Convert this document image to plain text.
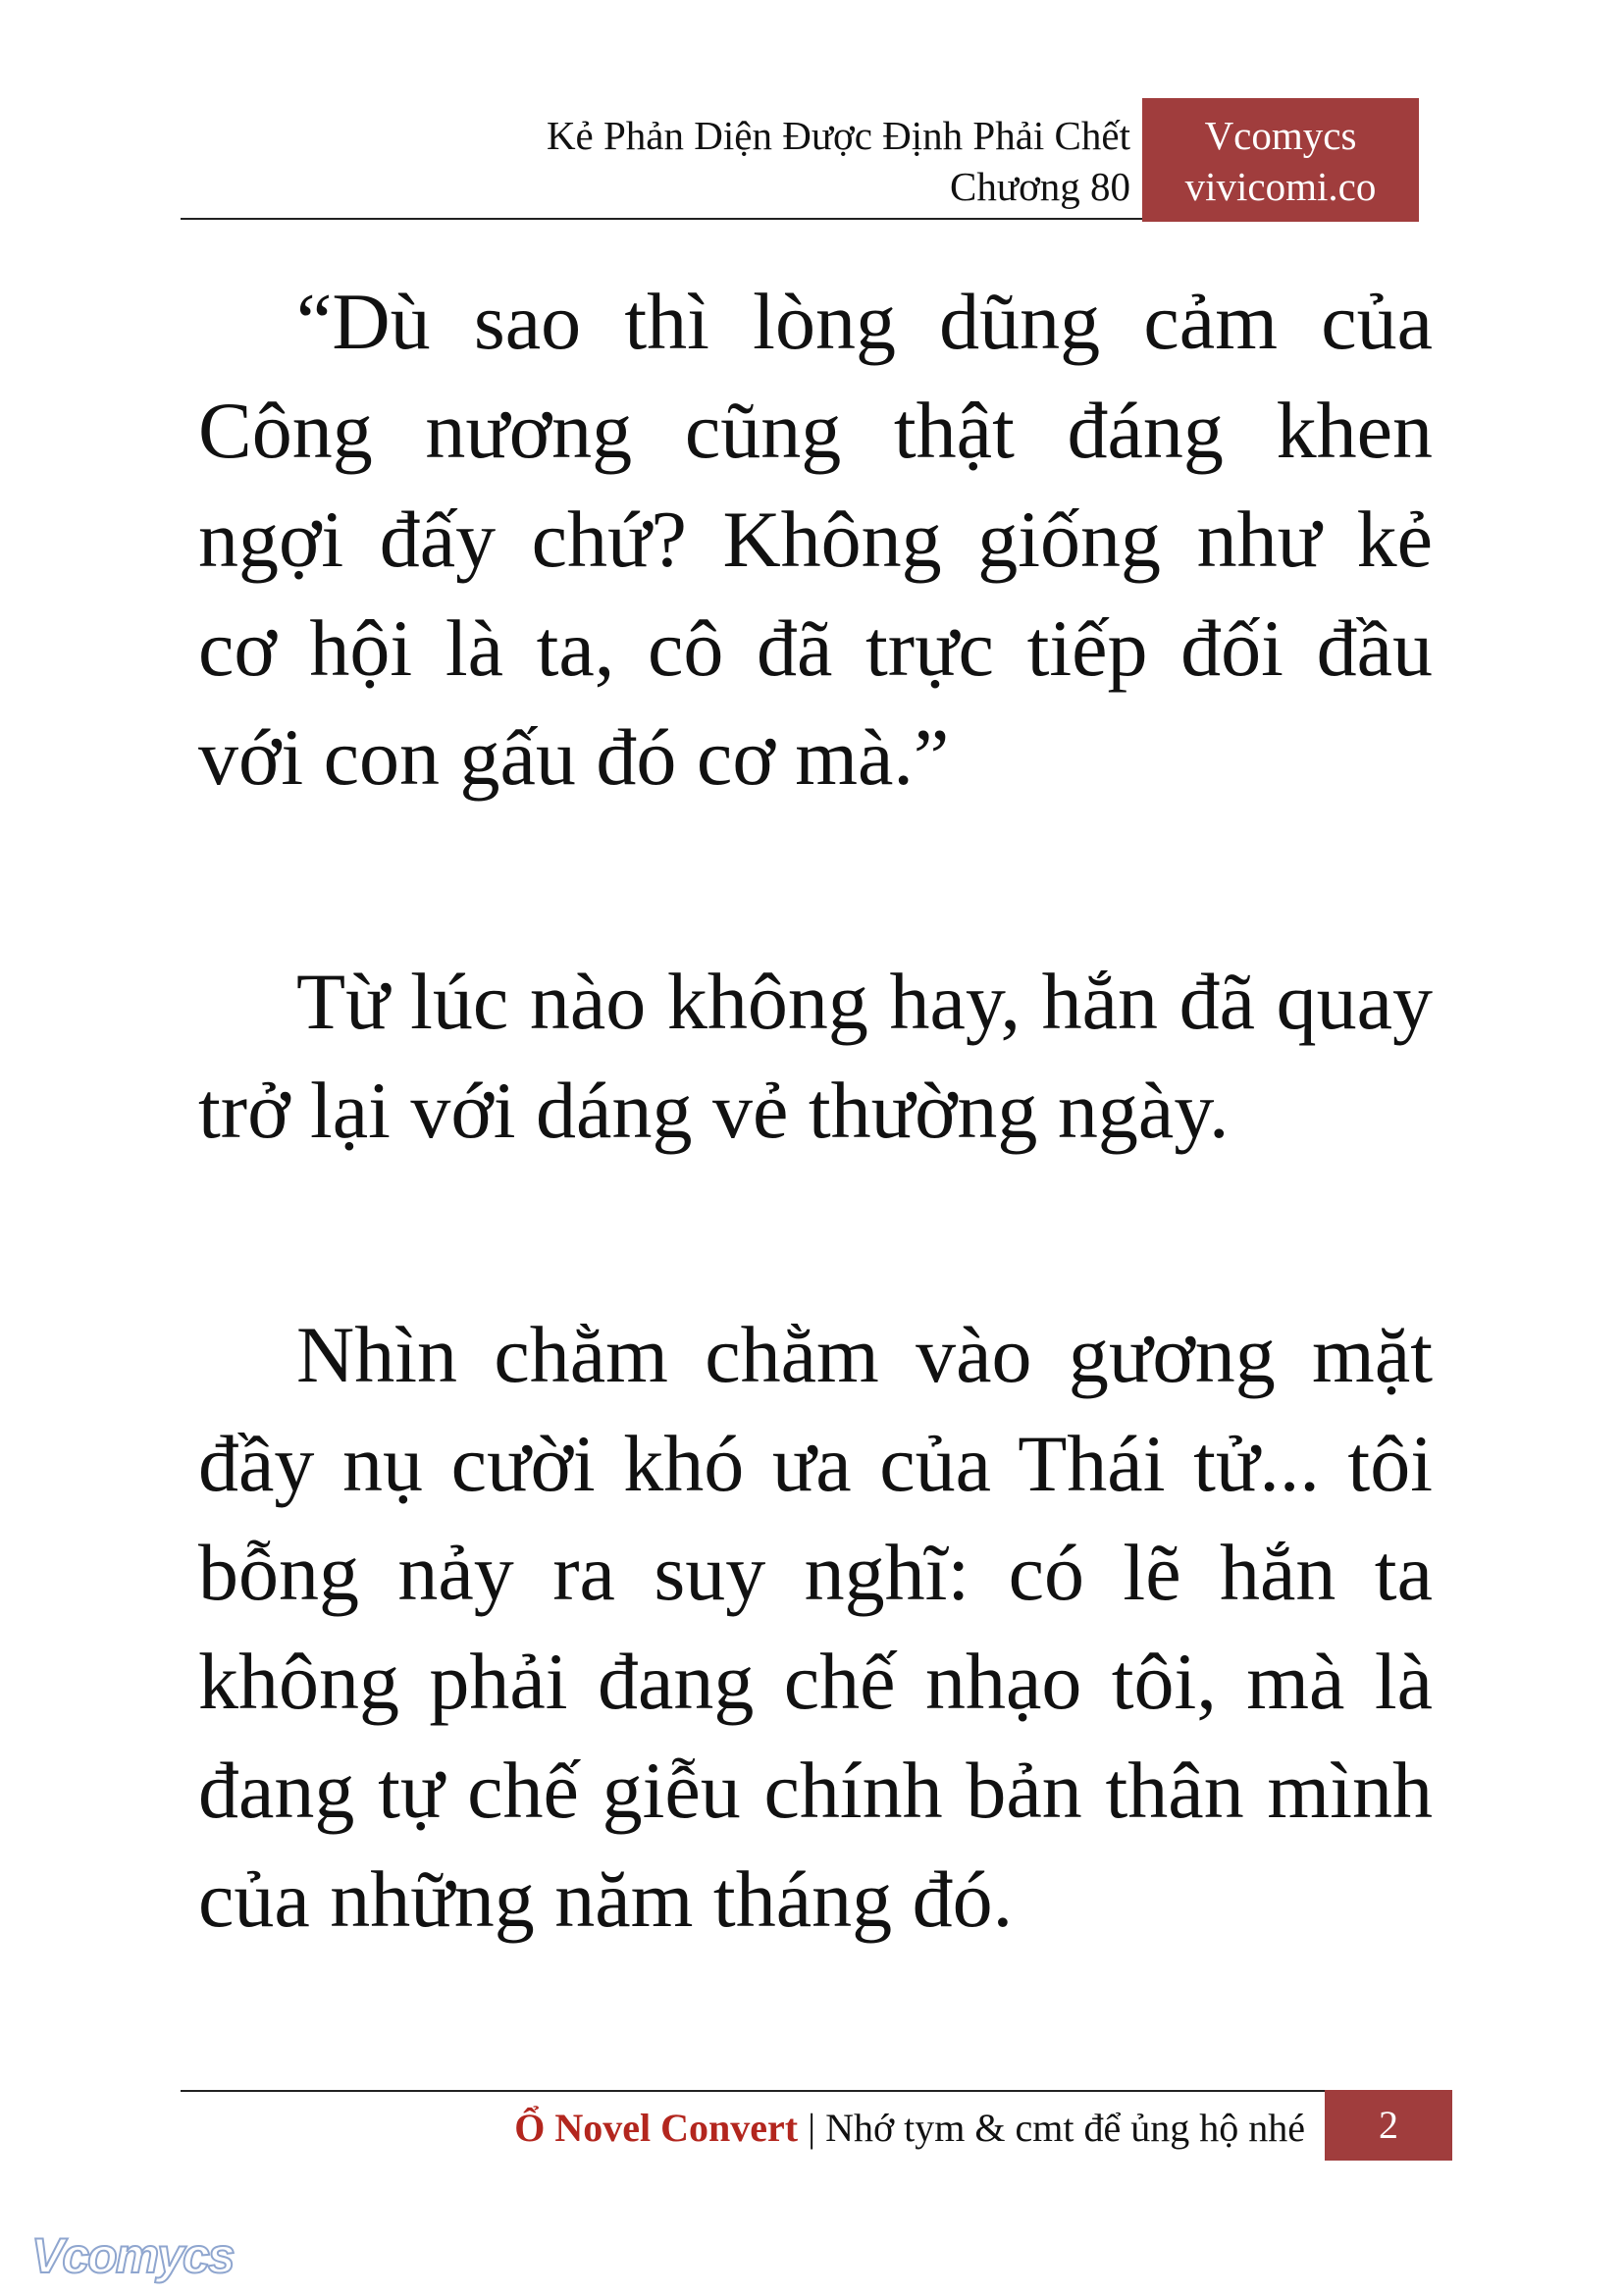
Kẻ Phản Diện Được Định Phải Chết
Chương 80
Vcomycs
vivicomi.co

“Dù sao thì lòng dũng cảm của Công nương cũng thật đáng khen ngợi đấy chứ? Không giống như kẻ cơ hội là ta, cô đã trực tiếp đối đầu với con gấu đó cơ mà.”

Từ lúc nào không hay, hắn đã quay trở lại với dáng vẻ thường ngày.

Nhìn chằm chằm vào gương mặt đầy nụ cười khó ưa của Thái tử... tôi bỗng nảy ra suy nghĩ: có lẽ hắn ta không phải đang chế nhạo tôi, mà là đang tự chế giễu chính bản thân mình của những năm tháng đó.

Ổ Novel Convert | Nhớ tym & cmt để ủng hộ nhé	2
Vcomycs
